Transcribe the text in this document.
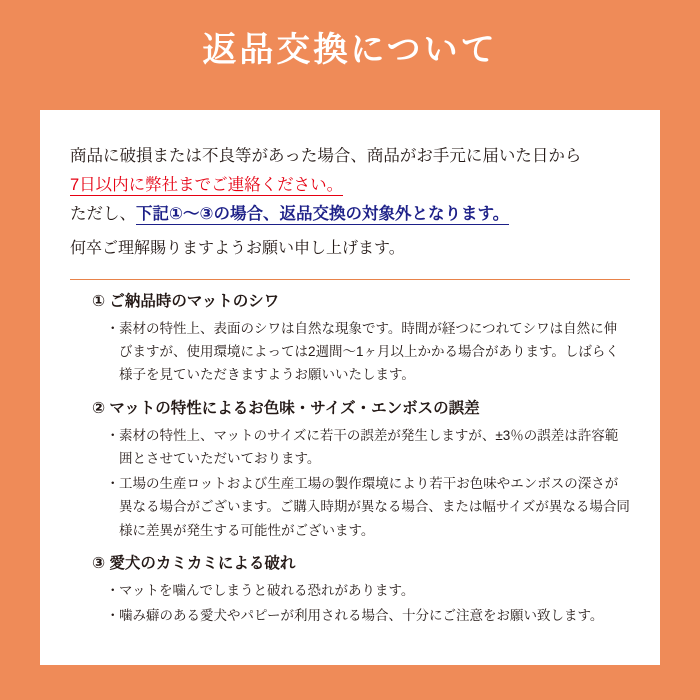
返品交換について
商品に破損または不良等があった場合、商品がお手元に届いた日から
7日以内に弊社までご連絡ください。
ただし、下記①〜③の場合、返品交換の対象外となります。
何卒ご理解賜りますようお願い申し上げます。
① ご納品時のマットのシワ
・ 素材の特性上、表面のシワは自然な現象です。時間が経つにつれてシワは自然に伸びますが、使用環境によっては2週間〜1ヶ月以上かかる場合があります。しばらく様子を見ていただきますようお願いいたします。
② マットの特性によるお色味・サイズ・エンボスの誤差
・ 素材の特性上、マットのサイズに若干の誤差が発生しますが、±3％の誤差は許容範囲とさせていただいております。
・ 工場の生産ロットおよび生産工場の製作環境により若干お色味やエンボスの深さが異なる場合がございます。ご購入時期が異なる場合、または幅サイズが異なる場合同様に差異が発生する可能性がございます。
③ 愛犬のカミカミによる破れ
・ マットを噛んでしまうと破れる恐れがあります。
・ 噛み癖のある愛犬やパピーが利用される場合、十分にご注意をお願い致します。
